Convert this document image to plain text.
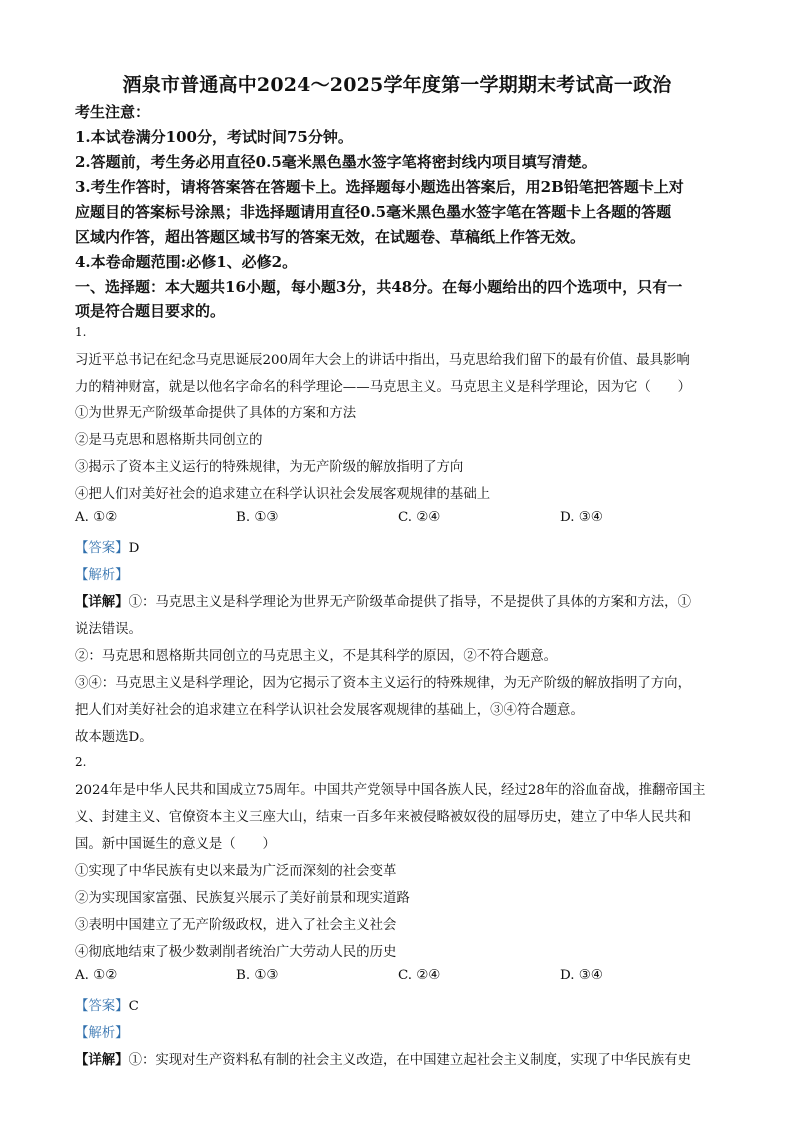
酒泉市普通高中2024～2025学年度第一学期期末考试高一政治
考生注意：
1.本试卷满分100分，考试时间75分钟。
2.答题前，考生务必用直径0.5毫米黑色墨水签字笔将密封线内项目填写清楚。
3.考生作答时，请将答案答在答题卡上。选择题每小题选出答案后，用2B铅笔把答题卡上对
应题目的答案标号涂黑；非选择题请用直径0.5毫米黑色墨水签字笔在答题卡上各题的答题
区域内作答，超出答题区域书写的答案无效，在试题卷、草稿纸上作答无效。
4.本卷命题范围:必修1、必修2。
一、选择题：本大题共16小题，每小题3分，共48分。在每小题给出的四个选项中，只有一
项是符合题目要求的。
1.
习近平总书记在纪念马克思诞辰200周年大会上的讲话中指出，马克思给我们留下的最有价值、最具影响
力的精神财富，就是以他名字命名的科学理论——马克思主义。马克思主义是科学理论，因为它（　　）
①为世界无产阶级革命提供了具体的方案和方法
②是马克思和恩格斯共同创立的
③揭示了资本主义运行的特殊规律，为无产阶级的解放指明了方向
④把人们对美好社会的追求建立在科学认识社会发展客观规律的基础上
A. ①②	B. ①③	C. ②④	D. ③④
【答案】D
【解析】
【详解】①：马克思主义是科学理论为世界无产阶级革命提供了指导，不是提供了具体的方案和方法，①
说法错误。
②：马克思和恩格斯共同创立的马克思主义，不是其科学的原因，②不符合题意。
③④：马克思主义是科学理论，因为它揭示了资本主义运行的特殊规律，为无产阶级的解放指明了方向，
把人们对美好社会的追求建立在科学认识社会发展客观规律的基础上，③④符合题意。
故本题选D。
2.
2024年是中华人民共和国成立75周年。中国共产党领导中国各族人民，经过28年的浴血奋战，推翻帝国主
义、封建主义、官僚资本主义三座大山，结束一百多年来被侵略被奴役的屈辱历史，建立了中华人民共和
国。新中国诞生的意义是（　　）
①实现了中华民族有史以来最为广泛而深刻的社会变革
②为实现国家富强、民族复兴展示了美好前景和现实道路
③表明中国建立了无产阶级政权，进入了社会主义社会
④彻底地结束了极少数剥削者统治广大劳动人民的历史
A. ①②	B. ①③	C. ②④	D. ③④
【答案】C
【解析】
【详解】①：实现对生产资料私有制的社会主义改造，在中国建立起社会主义制度，实现了中华民族有史
